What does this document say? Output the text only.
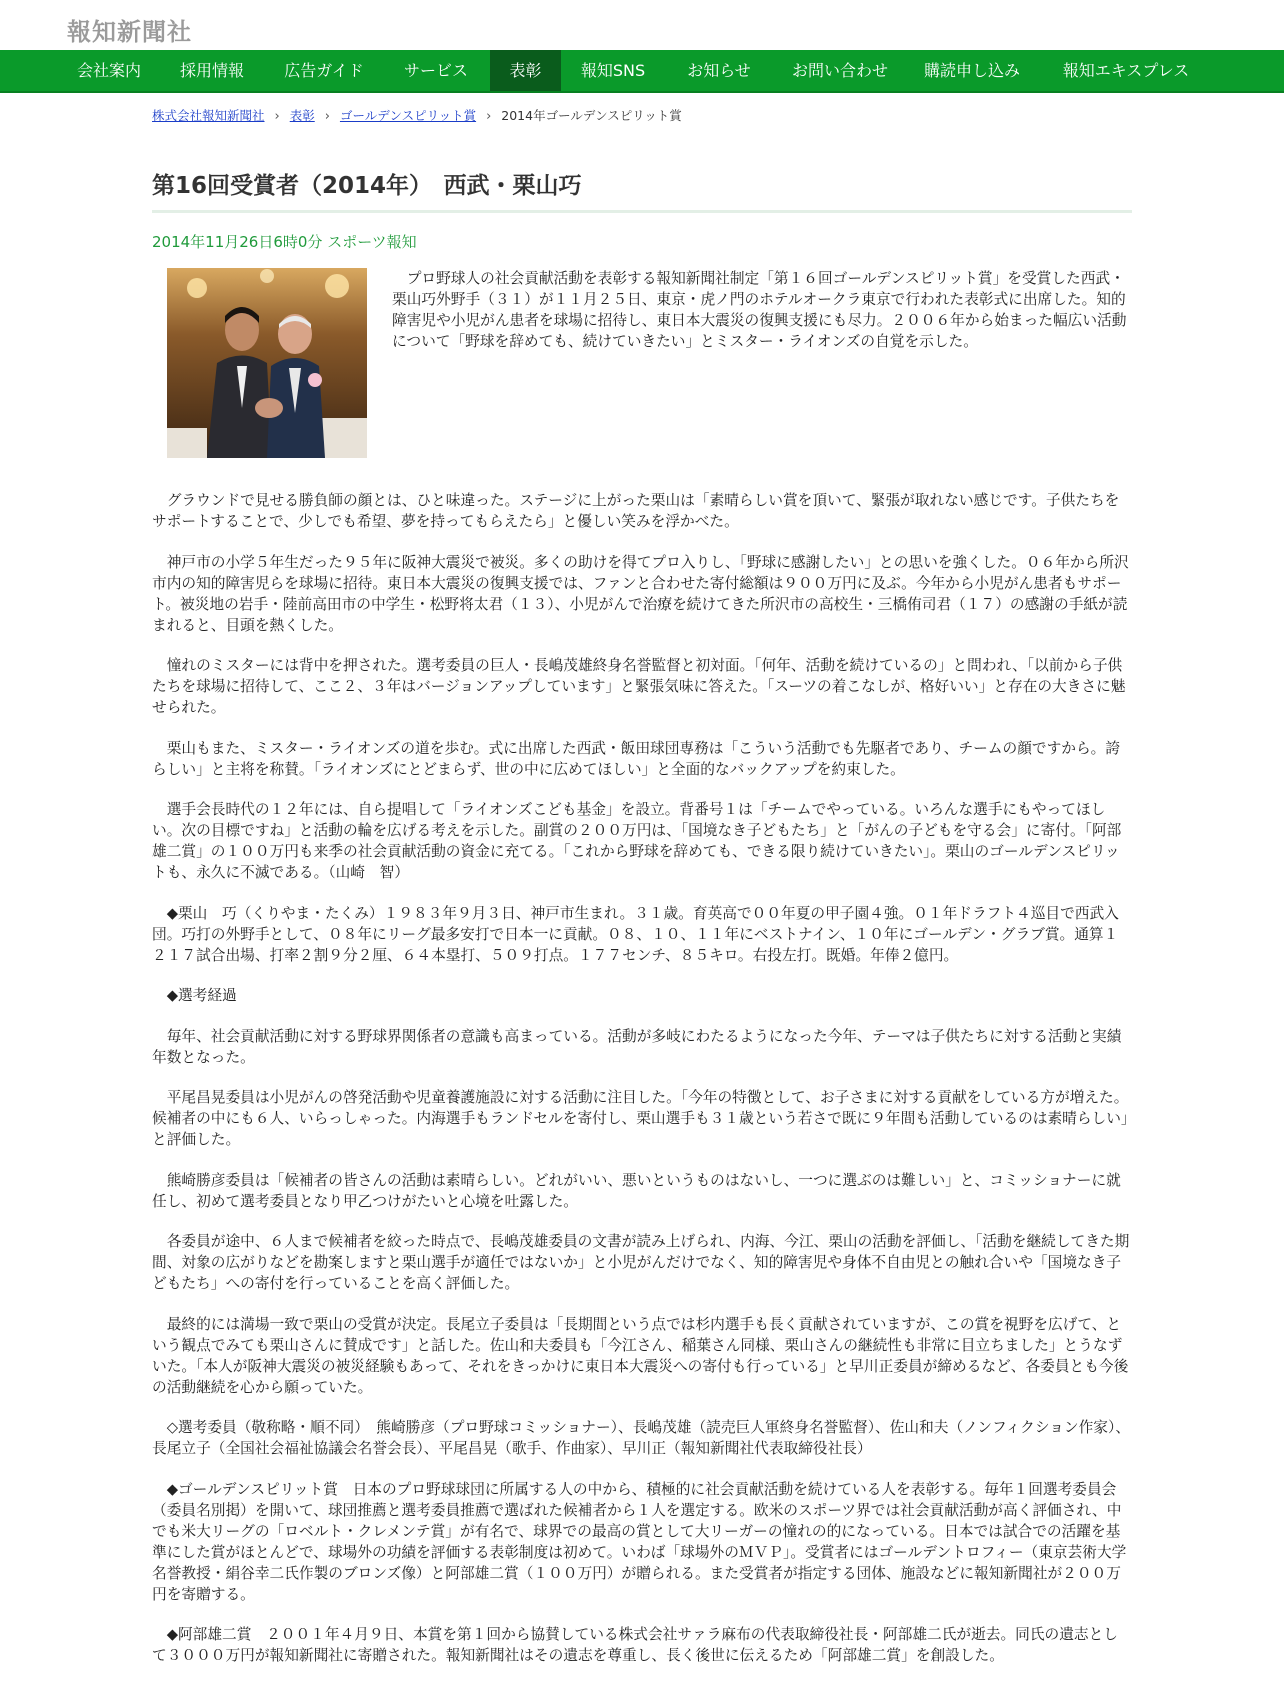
報知新聞社
会社案内	採用情報	広告ガイド	サービス	表彰	報知SNS	お知らせ	お問い合わせ	購読申し込み	報知エキスプレス
株式会社報知新聞社 › 表彰 › ゴールデンスピリット賞 › 2014年ゴールデンスピリット賞
第16回受賞者（2014年）　西武・栗山巧
2014年11月26日6時0分 スポーツ報知

　プロ野球人の社会貢献活動を表彰する報知新聞社制定「第１６回ゴールデンスピリット賞」を受賞した西武・栗山巧外野手（３１）が１１月２５日、東京・虎ノ門のホテルオークラ東京で行われた表彰式に出席した。知的障害児や小児がん患者を球場に招待し、東日本大震災の復興支援にも尽力。２００６年から始まった幅広い活動について「野球を辞めても、続けていきたい」とミスター・ライオンズの自覚を示した。

　グラウンドで見せる勝負師の顔とは、ひと味違った。ステージに上がった栗山は「素晴らしい賞を頂いて、緊張が取れない感じです。子供たちをサポートすることで、少しでも希望、夢を持ってもらえたら」と優しい笑みを浮かべた。

　神戸市の小学５年生だった９５年に阪神大震災で被災。多くの助けを得てプロ入りし、「野球に感謝したい」との思いを強くした。０６年から所沢市内の知的障害児らを球場に招待。東日本大震災の復興支援では、ファンと合わせた寄付総額は９００万円に及ぶ。今年から小児がん患者もサポート。被災地の岩手・陸前高田市の中学生・松野将太君（１３）、小児がんで治療を続けてきた所沢市の高校生・三橋侑司君（１７）の感謝の手紙が読まれると、目頭を熱くした。

　憧れのミスターには背中を押された。選考委員の巨人・長嶋茂雄終身名誉監督と初対面。「何年、活動を続けているの」と問われ、「以前から子供たちを球場に招待して、ここ２、３年はバージョンアップしています」と緊張気味に答えた。「スーツの着こなしが、格好いい」と存在の大きさに魅せられた。

　栗山もまた、ミスター・ライオンズの道を歩む。式に出席した西武・飯田球団専務は「こういう活動でも先駆者であり、チームの顔ですから。誇らしい」と主将を称賛。「ライオンズにとどまらず、世の中に広めてほしい」と全面的なバックアップを約束した。

　選手会長時代の１２年には、自ら提唱して「ライオンズこども基金」を設立。背番号１は「チームでやっている。いろんな選手にもやってほしい。次の目標ですね」と活動の輪を広げる考えを示した。副賞の２００万円は、「国境なき子どもたち」と「がんの子どもを守る会」に寄付。「阿部雄二賞」の１００万円も来季の社会貢献活動の資金に充てる。「これから野球を辞めても、できる限り続けていきたい」。栗山のゴールデンスピリットも、永久に不滅である。（山崎　智）

　◆栗山　巧（くりやま・たくみ）１９８３年９月３日、神戸市生まれ。３１歳。育英高で００年夏の甲子園４強。０１年ドラフト４巡目で西武入団。巧打の外野手として、０８年にリーグ最多安打で日本一に貢献。０８、１０、１１年にベストナイン、１０年にゴールデン・グラブ賞。通算１２１７試合出場、打率２割９分２厘、６４本塁打、５０９打点。１７７センチ、８５キロ。右投左打。既婚。年俸２億円。

　◆選考経過

　毎年、社会貢献活動に対する野球界関係者の意識も高まっている。活動が多岐にわたるようになった今年、テーマは子供たちに対する活動と実績年数となった。

　平尾昌晃委員は小児がんの啓発活動や児童養護施設に対する活動に注目した。「今年の特徴として、お子さまに対する貢献をしている方が増えた。候補者の中にも６人、いらっしゃった。内海選手もランドセルを寄付し、栗山選手も３１歳という若さで既に９年間も活動しているのは素晴らしい」と評価した。

　熊崎勝彦委員は「候補者の皆さんの活動は素晴らしい。どれがいい、悪いというものはないし、一つに選ぶのは難しい」と、コミッショナーに就任し、初めて選考委員となり甲乙つけがたいと心境を吐露した。

　各委員が途中、６人まで候補者を絞った時点で、長嶋茂雄委員の文書が読み上げられ、内海、今江、栗山の活動を評価し、「活動を継続してきた期間、対象の広がりなどを勘案しますと栗山選手が適任ではないか」と小児がんだけでなく、知的障害児や身体不自由児との触れ合いや「国境なき子どもたち」への寄付を行っていることを高く評価した。

　最終的には満場一致で栗山の受賞が決定。長尾立子委員は「長期間という点では杉内選手も長く貢献されていますが、この賞を視野を広げて、という観点でみても栗山さんに賛成です」と話した。佐山和夫委員も「今江さん、稲葉さん同様、栗山さんの継続性も非常に目立ちました」とうなずいた。「本人が阪神大震災の被災経験もあって、それをきっかけに東日本大震災への寄付も行っている」と早川正委員が締めるなど、各委員とも今後の活動継続を心から願っていた。

　◇選考委員（敬称略・順不同）　熊崎勝彦（プロ野球コミッショナー）、長嶋茂雄（読売巨人軍終身名誉監督）、佐山和夫（ノンフィクション作家）、長尾立子（全国社会福祉協議会名誉会長）、平尾昌晃（歌手、作曲家）、早川正（報知新聞社代表取締役社長）

　◆ゴールデンスピリット賞　日本のプロ野球球団に所属する人の中から、積極的に社会貢献活動を続けている人を表彰する。毎年１回選考委員会（委員名別掲）を開いて、球団推薦と選考委員推薦で選ばれた候補者から１人を選定する。欧米のスポーツ界では社会貢献活動が高く評価され、中でも米大リーグの「ロベルト・クレメンテ賞」が有名で、球界での最高の賞として大リーガーの憧れの的になっている。日本では試合での活躍を基準にした賞がほとんどで、球場外の功績を評価する表彰制度は初めて。いわば「球場外のＭＶＰ」。受賞者にはゴールデントロフィー（東京芸術大学名誉教授・絹谷幸二氏作製のブロンズ像）と阿部雄二賞（１００万円）が贈られる。また受賞者が指定する団体、施設などに報知新聞社が２００万円を寄贈する。

　◆阿部雄二賞　２００１年４月９日、本賞を第１回から協賛している株式会社サァラ麻布の代表取締役社長・阿部雄二氏が逝去。同氏の遺志として３０００万円が報知新聞社に寄贈された。報知新聞社はその遺志を尊重し、長く後世に伝えるため「阿部雄二賞」を創設した。
